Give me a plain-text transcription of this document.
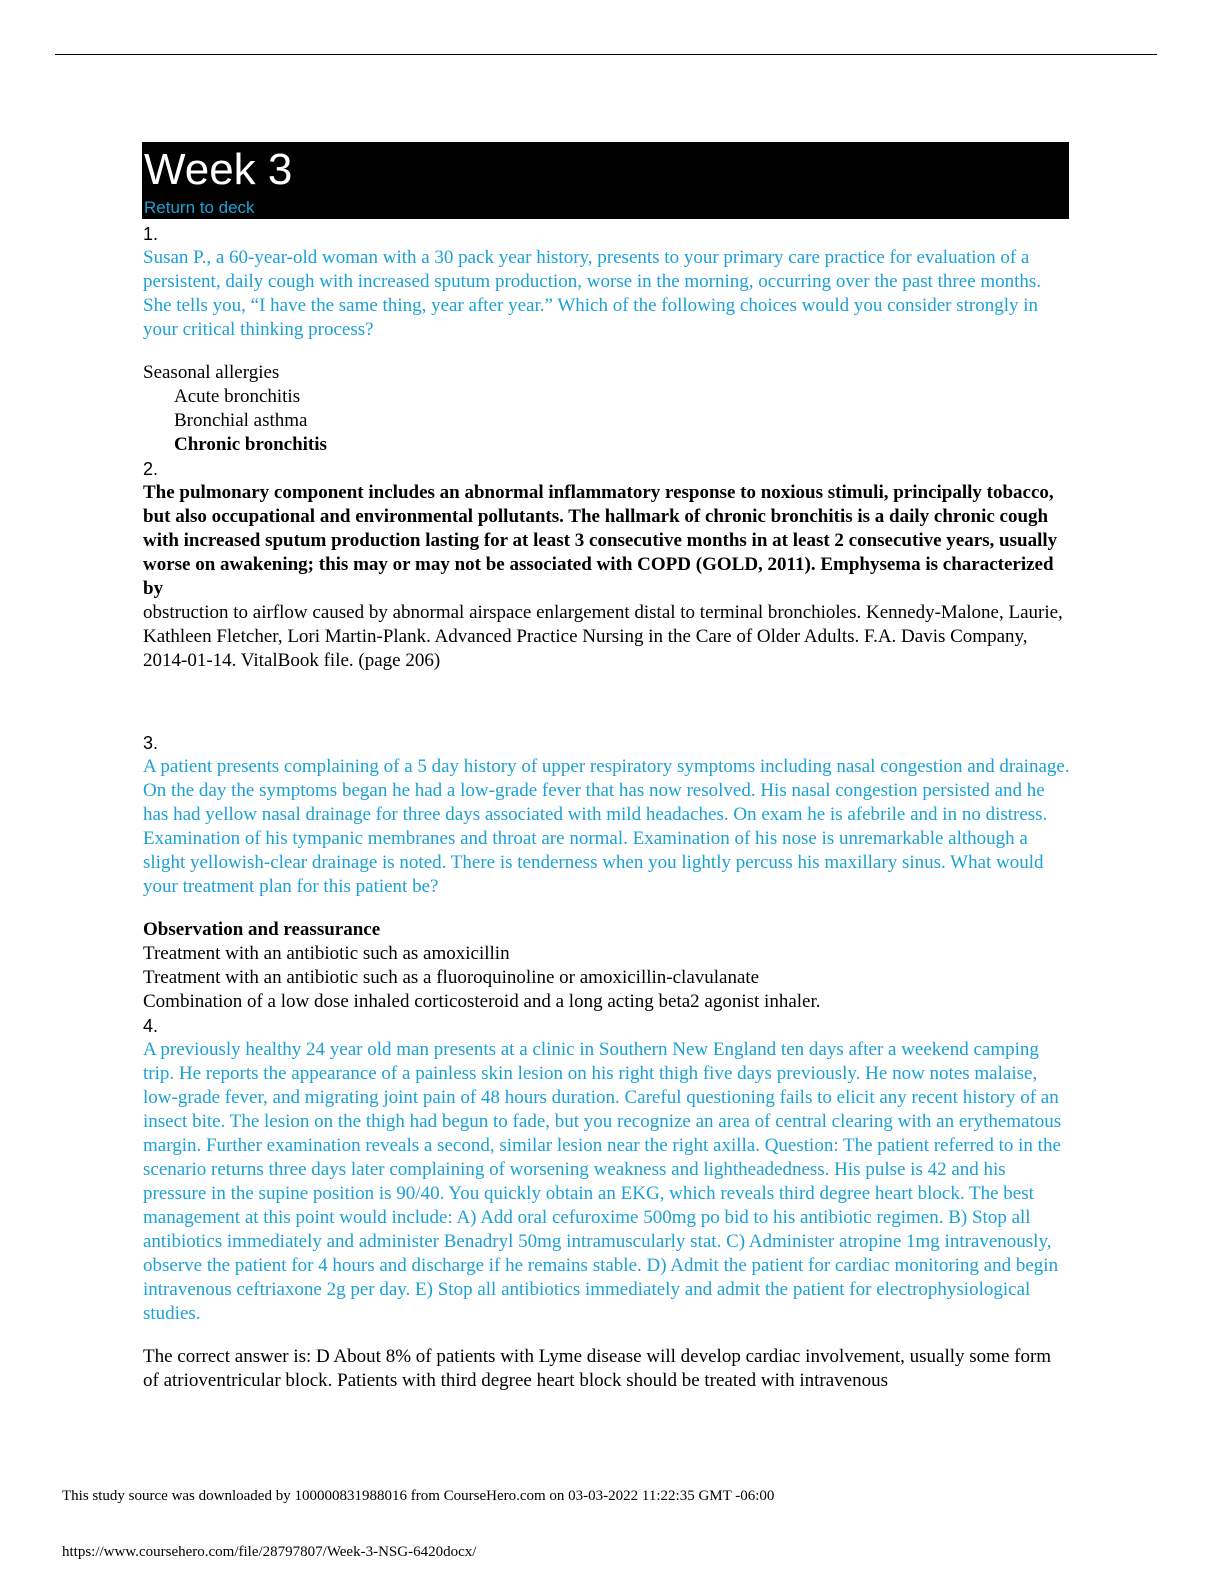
Week 3
Return to deck
1.
Susan P., a 60-year-old woman with a 30 pack year history, presents to your primary care practice for evaluation of a persistent, daily cough with increased sputum production, worse in the morning, occurring over the past three months. She tells you, “I have the same thing, year after year.” Which of the following choices would you consider strongly in your critical thinking process?
Seasonal allergies
Acute bronchitis
Bronchial asthma
Chronic bronchitis
2.
The pulmonary component includes an abnormal inflammatory response to noxious stimuli, principally tobacco, but also occupational and environmental pollutants. The hallmark of chronic bronchitis is a daily chronic cough with increased sputum production lasting for at least 3 consecutive months in at least 2 consecutive years, usually worse on awakening; this may or may not be associated with COPD (GOLD, 2011). Emphysema is characterized by
obstruction to airflow caused by abnormal airspace enlargement distal to terminal bronchioles. Kennedy-Malone, Laurie, Kathleen Fletcher, Lori Martin-Plank. Advanced Practice Nursing in the Care of Older Adults. F.A. Davis Company, 2014-01-14. VitalBook file. (page 206)
3.
A patient presents complaining of a 5 day history of upper respiratory symptoms including nasal congestion and drainage. On the day the symptoms began he had a low-grade fever that has now resolved. His nasal congestion persisted and he has had yellow nasal drainage for three days associated with mild headaches. On exam he is afebrile and in no distress. Examination of his tympanic membranes and throat are normal. Examination of his nose is unremarkable although a slight yellowish-clear drainage is noted. There is tenderness when you lightly percuss his maxillary sinus. What would your treatment plan for this patient be?
Observation and reassurance
Treatment with an antibiotic such as amoxicillin
Treatment with an antibiotic such as a fluoroquinoline or amoxicillin-clavulanate
Combination of a low dose inhaled corticosteroid and a long acting beta2 agonist inhaler.
4.
A previously healthy 24 year old man presents at a clinic in Southern New England ten days after a weekend camping trip. He reports the appearance of a painless skin lesion on his right thigh five days previously. He now notes malaise, low-grade fever, and migrating joint pain of 48 hours duration. Careful questioning fails to elicit any recent history of an insect bite. The lesion on the thigh had begun to fade, but you recognize an area of central clearing with an erythematous margin. Further examination reveals a second, similar lesion near the right axilla. Question: The patient referred to in the scenario returns three days later complaining of worsening weakness and lightheadedness. His pulse is 42 and his pressure in the supine position is 90/40. You quickly obtain an EKG, which reveals third degree heart block. The best management at this point would include: A) Add oral cefuroxime 500mg po bid to his antibiotic regimen. B) Stop all antibiotics immediately and administer Benadryl 50mg intramuscularly stat. C) Administer atropine 1mg intravenously, observe the patient for 4 hours and discharge if he remains stable. D) Admit the patient for cardiac monitoring and begin intravenous ceftriaxone 2g per day. E) Stop all antibiotics immediately and admit the patient for electrophysiological studies.
The correct answer is: D About 8% of patients with Lyme disease will develop cardiac involvement, usually some form of atrioventricular block. Patients with third degree heart block should be treated with intravenous
This study source was downloaded by 100000831988016 from CourseHero.com on 03-03-2022 11:22:35 GMT -06:00
https://www.coursehero.com/file/28797807/Week-3-NSG-6420docx/
